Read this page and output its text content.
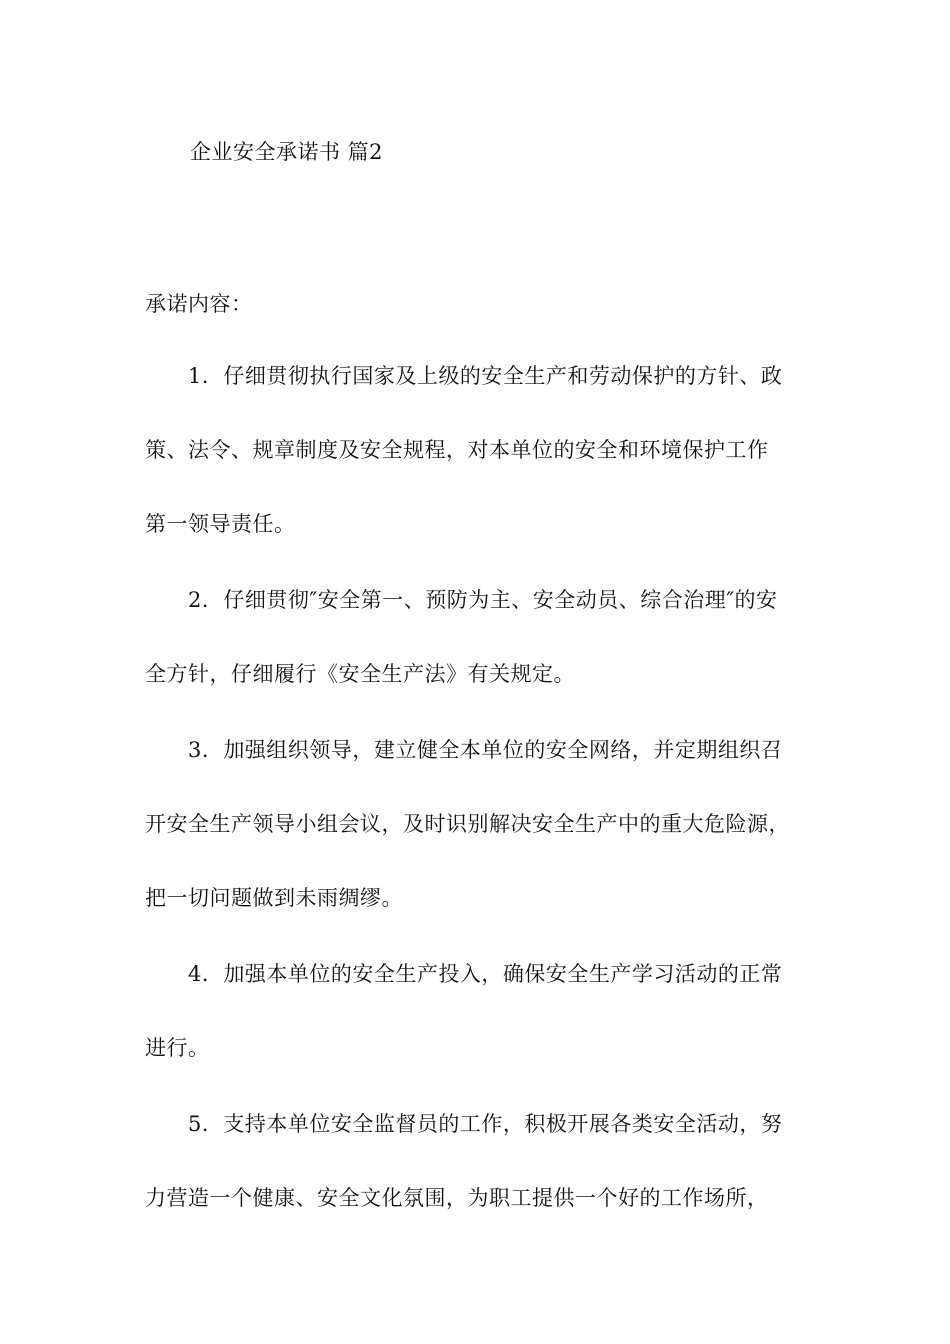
企业安全承诺书 篇2
承诺内容：
1．仔细贯彻执行国家及上级的安全生产和劳动保护的方针、政
策、法令、规章制度及安全规程，对本单位的安全和环境保护工作
第一领导责任。
2．仔细贯彻″安全第一、预防为主、安全动员、综合治理″的安
全方针，仔细履行《安全生产法》有关规定。
3．加强组织领导，建立健全本单位的安全网络，并定期组织召
开安全生产领导小组会议，及时识别解决安全生产中的重大危险源，
把一切问题做到未雨绸缪。
4．加强本单位的安全生产投入，确保安全生产学习活动的正常
进行。
5．支持本单位安全监督员的工作，积极开展各类安全活动，努
力营造一个健康、安全文化氛围，为职工提供一个好的工作场所，
